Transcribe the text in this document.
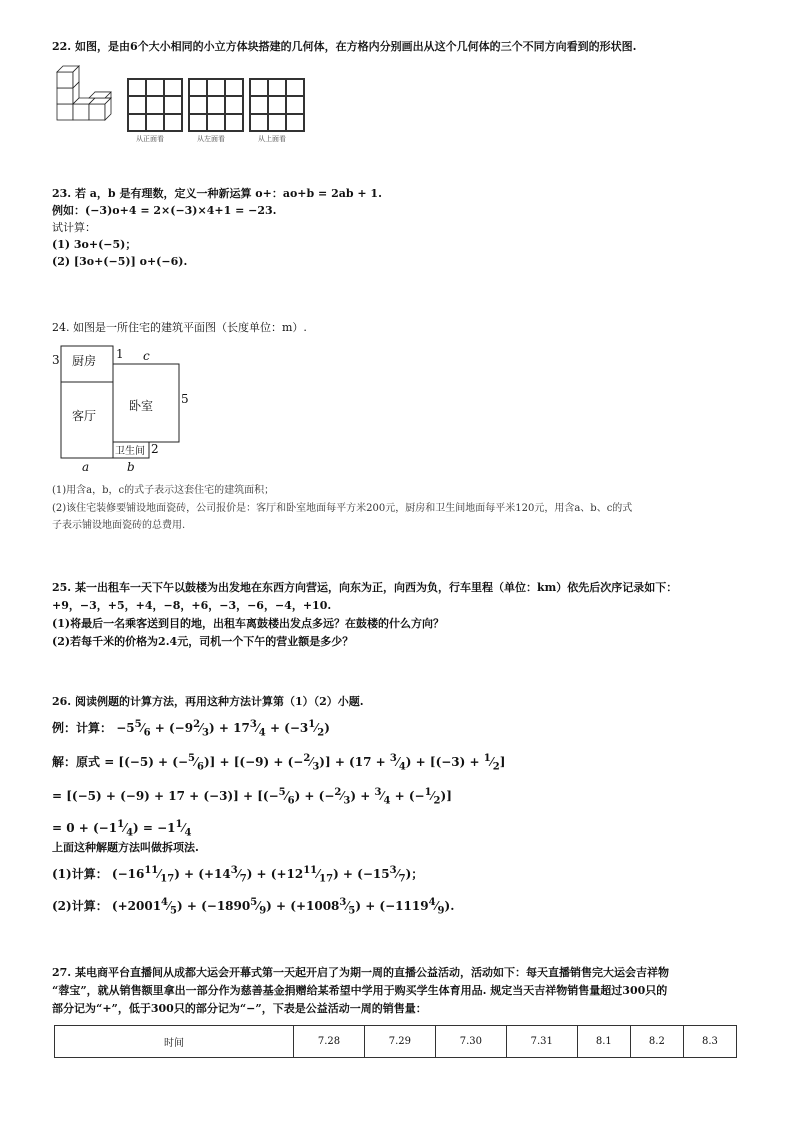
22. 如图，是由6个大小相同的小立方体块搭建的几何体，在方格内分别画出从这个几何体的三个不同方向看到的形状图.
从正面看	从左面看	从上面看
23. 若 a，b 是有理数，定义一种新运算 o+：ao+b = 2ab + 1.
例如：(−3)o+4 = 2×(−3)×4+1 = −23.
试计算：
(1) 3o+(−5)；
(2) [3o+(−5)] o+(−6).
24. 如图是一所住宅的建筑平面图（长度单位：m）.
厨房
客厅
卧室
卫生间
3	1 c
5
2
a	b
(1)用含a，b，c的式子表示这套住宅的建筑面积；
(2)该住宅装修要铺设地面瓷砖，公司报价是：客厅和卧室地面每平方米200元，厨房和卫生间地面每平米120元，用含a、b、c的式
子表示铺设地面瓷砖的总费用.
25. 某一出租车一天下午以鼓楼为出发地在东西方向营运，向东为正，向西为负，行车里程（单位：km）依先后次序记录如下：
+9，−3，+5，+4，−8，+6，−3，−6，−4，+10.
(1)将最后一名乘客送到目的地，出租车离鼓楼出发点多远？在鼓楼的什么方向？
(2)若每千米的价格为2.4元，司机一个下午的营业额是多少？
26. 阅读例题的计算方法，再用这种方法计算第（1）（2）小题.
例：计算： $-5^5⁄_6$ + $(-9^2⁄_3)$ + $17^3⁄_4$ + $(-3^1⁄_2)$
解：原式 = $[(-5) + (-^5⁄_6)] + [(-9)$ + $(-^2⁄_3)] + (17$ + $^3⁄_4) + [(-3)$ + $^1⁄_2$]
= $[(-5) + (-9) + 17 + (-3)] + [(-^5⁄_6)$ + $(-^2⁄_3)$ + $^3⁄_4$ + $(-^1⁄_2)$]
= $0 + (-1^1⁄_4)$ = $-1^1⁄_4$
上面这种解题方法叫做拆项法.
(1)计算： $(-16^{11}⁄_{17})$ + $(+14^3⁄_7)$ + $(+12^{11}⁄_{17})$ + $(-15^3⁄_7)$；
(2)计算： $(+2001^4⁄_5)$ + $(-1890^5⁄_9)$ + $(+1008^3⁄_5)$ + $(-1119^4⁄_9)$.
27. 某电商平台直播间从成都大运会开幕式第一天起开启了为期一周的直播公益活动，活动如下：每天直播销售完大运会吉祥物
“蓉宝”，就从销售额里拿出一部分作为慈善基金捐赠给某希望中学用于购买学生体育用品. 规定当天吉祥物销售量超过300只的
部分记为“+”，低于300只的部分记为“−”，下表是公益活动一周的销售量：
时间	7.28	7.29	7.30	7.31	8.1	8.2	8.3
